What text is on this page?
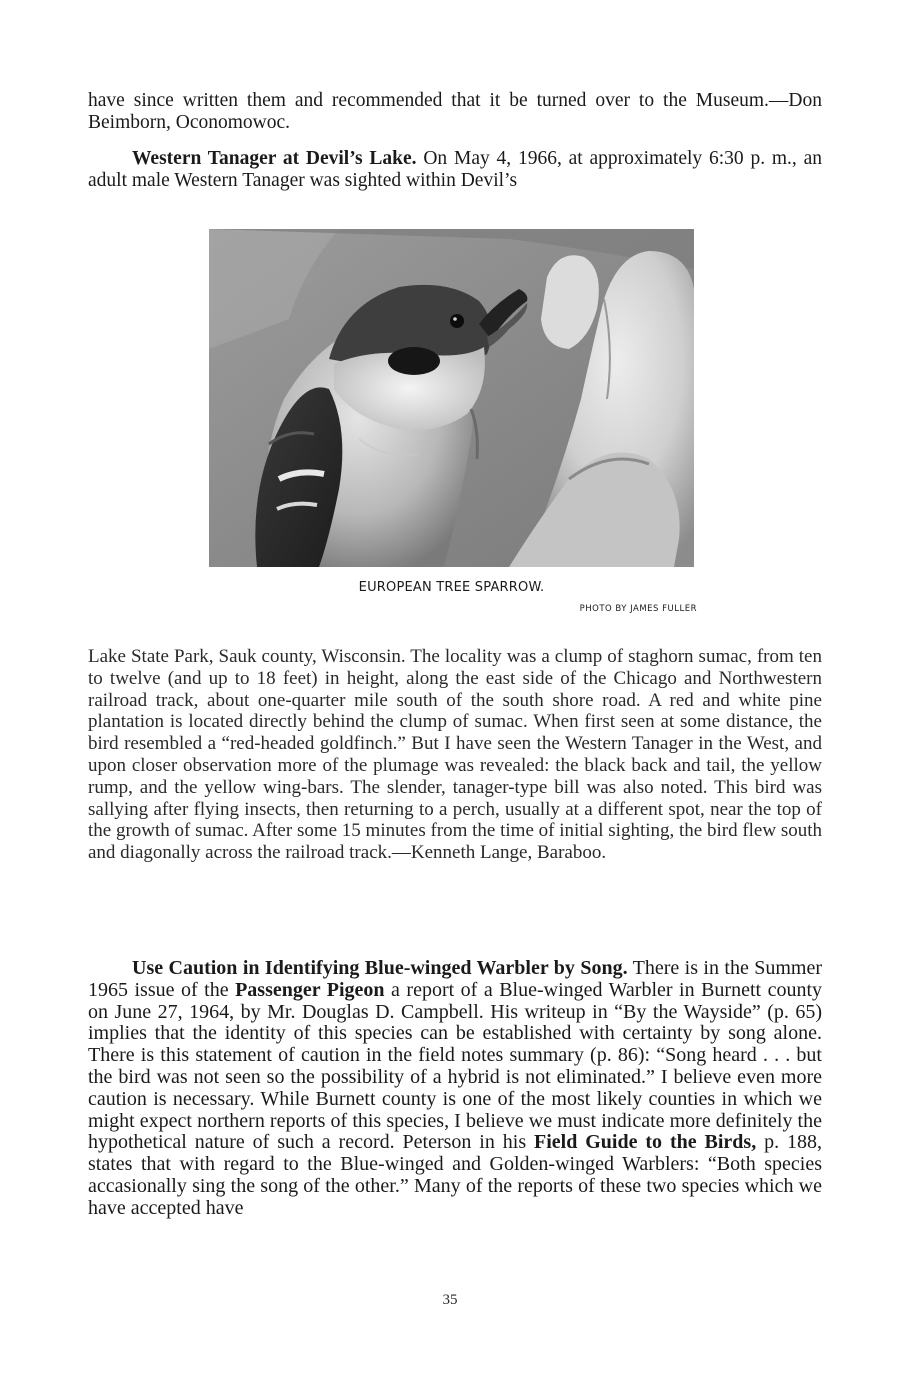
have since written them and recommended that it be turned over to the Museum.—Don Beimborn, Oconomowoc.

Western Tanager at Devil’s Lake. On May 4, 1966, at approximately 6:30 p. m., an adult male Western Tanager was sighted within Devil’s

EUROPEAN TREE SPARROW.
PHOTO BY JAMES FULLER

Lake State Park, Sauk county, Wisconsin. The locality was a clump of staghorn sumac, from ten to twelve (and up to 18 feet) in height, along the east side of the Chicago and Northwestern railroad track, about one-quarter mile south of the south shore road. A red and white pine plantation is located directly behind the clump of sumac. When first seen at some distance, the bird resembled a “red-headed goldfinch.” But I have seen the Western Tanager in the West, and upon closer observation more of the plumage was revealed: the black back and tail, the yellow rump, and the yellow wing-bars. The slender, tanager-type bill was also noted. This bird was sallying after flying insects, then returning to a perch, usually at a different spot, near the top of the growth of sumac. After some 15 minutes from the time of initial sighting, the bird flew south and diagonally across the railroad track.—Kenneth Lange, Baraboo.

Use Caution in Identifying Blue-winged Warbler by Song. There is in the Summer 1965 issue of the Passenger Pigeon a report of a Blue-winged Warbler in Burnett county on June 27, 1964, by Mr. Douglas D. Campbell. His writeup in “By the Wayside” (p. 65) implies that the identity of this species can be established with certainty by song alone. There is this statement of caution in the field notes summary (p. 86): “Song heard . . . but the bird was not seen so the possibility of a hybrid is not eliminated.” I believe even more caution is necessary. While Burnett county is one of the most likely counties in which we might expect northern reports of this species, I believe we must indicate more definitely the hypothetical nature of such a record. Peterson in his Field Guide to the Birds, p. 188, states that with regard to the Blue-winged and Golden-winged Warblers: “Both species accasionally sing the song of the other.” Many of the reports of these two species which we have accepted have

35
